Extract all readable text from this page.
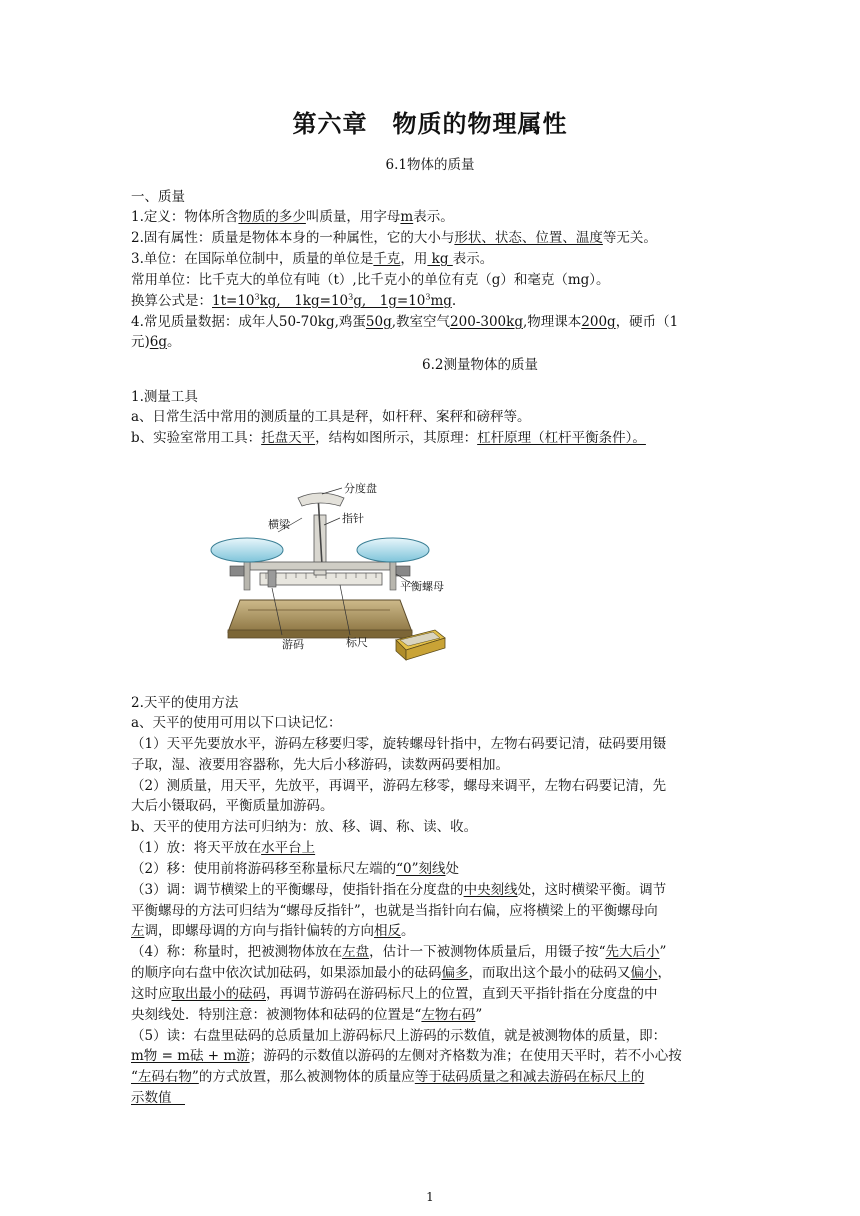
第六章　物质的物理属性
6.1物体的质量
一、质量
1.定义：物体所含物质的多少叫质量，用字母m表示。
2.固有属性：质量是物体本身的一种属性，它的大小与形状、状态、位置、温度等无关。
3.单位：在国际单位制中，质量的单位是千克，用 kg 表示。
常用单位：比千克大的单位有吨（t）,比千克小的单位有克（g）和毫克（mg）。
换算公式是：$1t=10^3kg$,　$1kg=10^3g$,　$1g=10^3mg$.
4.常见质量数据：成年人50-70kg,鸡蛋50g,教室空气200-300kg,物理课本200g，硬币（1
元)6g。
6.2测量物体的质量
1.测量工具
a、日常生活中常用的测质量的工具是秤，如杆秤、案秤和磅秤等。
b、实验室常用工具：托盘天平，结构如图所示，其原理：杠杆原理（杠杆平衡条件）。
分度盘
横梁	指针
平衡螺母
游码	标尺
2.天平的使用方法
a、天平的使用可用以下口诀记忆：
（1）天平先要放水平，游码左移要归零，旋转螺母针指中，左物右码要记清，砝码要用镊
子取，湿、液要用容器称，先大后小移游码，读数两码要相加。
（2）测质量，用天平，先放平，再调平，游码左移零，螺母来调平，左物右码要记清，先
大后小镊取码，平衡质量加游码。
b、天平的使用方法可归纳为：放、移、调、称、读、收。
（1）放：将天平放在水平台上
（2）移：使用前将游码移至称量标尺左端的“0”刻线处
（3）调：调节横梁上的平衡螺母，使指针指在分度盘的中央刻线处，这时横梁平衡。调节
平衡螺母的方法可归结为“螺母反指针”，也就是当指针向右偏，应将横梁上的平衡螺母向
左调，即螺母调的方向与指针偏转的方向相反。
（4）称：称量时，把被测物体放在左盘，估计一下被测物体质量后，用镊子按“先大后小”
的顺序向右盘中依次试加砝码，如果添加最小的砝码偏多，而取出这个最小的砝码又偏小，
这时应取出最小的砝码，再调节游码在游码标尺上的位置，直到天平指针指在分度盘的中
央刻线处．特别注意：被测物体和砝码的位置是“左物右码”
（5）读：右盘里砝码的总质量加上游码标尺上游码的示数值，就是被测物体的质量，即：
m物 = m砝 + m游；游码的示数值以游码的左侧对齐格数为准；在使用天平时，若不小心按
“左码右物”的方式放置，那么被测物体的质量应等于砝码质量之和减去游码在标尺上的
示数值　
1
